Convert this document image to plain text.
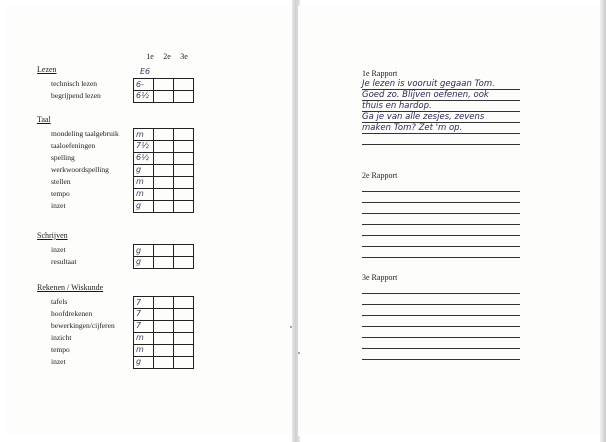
1e	2e	3e
Lezen	E6
technisch lezen	6-
begrijpend lezen	6½
Taal
mondeling taalgebruik	m
taaloefeningen	7½
spelling	6½
werkwoordspelling	g
stellen	m
tempo	m
inzet	g
Schrijven
inzet	g
resultaat	g
Rekenen / Wiskunde
tafels	7
hoofdrekenen	7
bewerkingen/cijferen	7
inzicht	m
tempo	m
inzet	g
1e Rapport
Je lezen is vooruit gegaan Tom.
Goed zo. Blijven oefenen, ook
thuis en hardop.
Ga je van alle zesjes, zevens
maken Tom? Zet 'm op.
2e Rapport
3e Rapport
